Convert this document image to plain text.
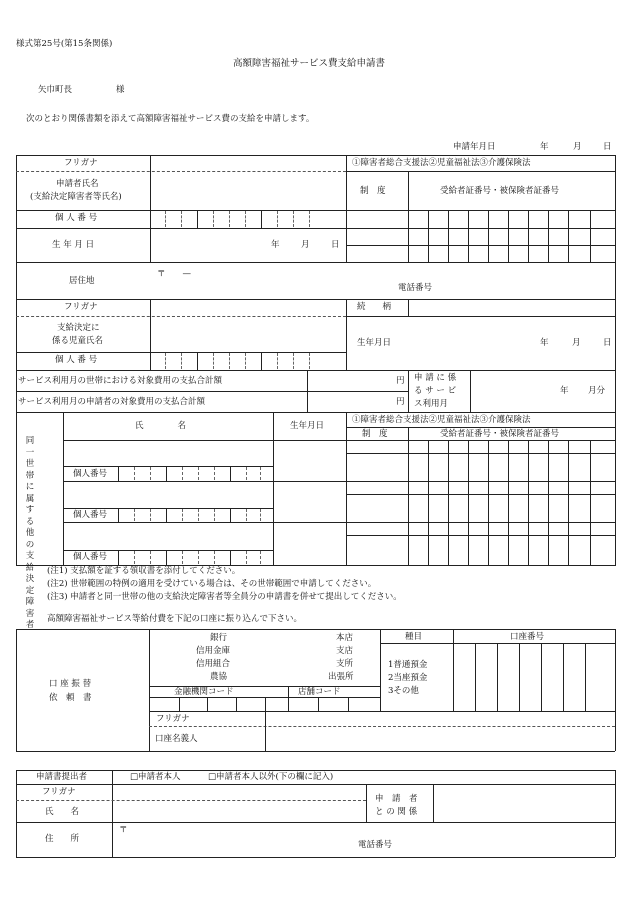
様式第25号(第15条関係)
高額障害福祉サービス費支給申請書
矢巾町長	様
次のとおり関係書類を添えて高額障害福祉サービス費の支給を申請します。
申請年月日	年	月	日
フリガナ	①障害者総合支援法②児童福祉法③介護保険法
申請者氏名
(支給決定障害者等氏名)
制　度	受給者証番号・被保険者証番号
個 人 番 号
生 年 月 日	年	月	日
居住地
〒　　—
電話番号
フリガナ	続　　柄
支給決定に
係る児童氏名	生年月日	年	月	日
個 人 番 号
サービス利用月の世帯における対象費用の支払合計額	円
サービス利用月の申請者の対象費用の支払合計額	円
申 請 に 係
る サ ー ビ
ス利用月
年 月分
同一世帯に属する他の支給決定障害者
氏　　　　名	生年月日
①障害者総合支援法②児童福祉法③介護保険法
制　度	受給者証番号・被保険者証番号
個人番号
個人番号
個人番号
(注1) 支払額を証する領収書を添付してください。
(注2) 世帯範囲の特例の適用を受けている場合は、その世帯範囲で申請してください。
(注3) 申請者と同一世帯の他の支給決定障害者等全員分の申請書を併せて提出してください。
高額障害福祉サービス等給付費を下記の口座に振り込んで下さい。
口 座 振 替
依　頼　書
銀行
信用金庫
信用組合
農協
本店
支店
支所
出張所
種目	口座番号
1普通預金
2当座預金
3その他
金融機関コード	店舗コード
フリガナ
口座名義人
申請書提出者	□申請者本人	□申請者本人以外(下の欄に記入)
フリガナ
氏　　名
申　請　者
と の 関 係
住　　所
〒
電話番号
